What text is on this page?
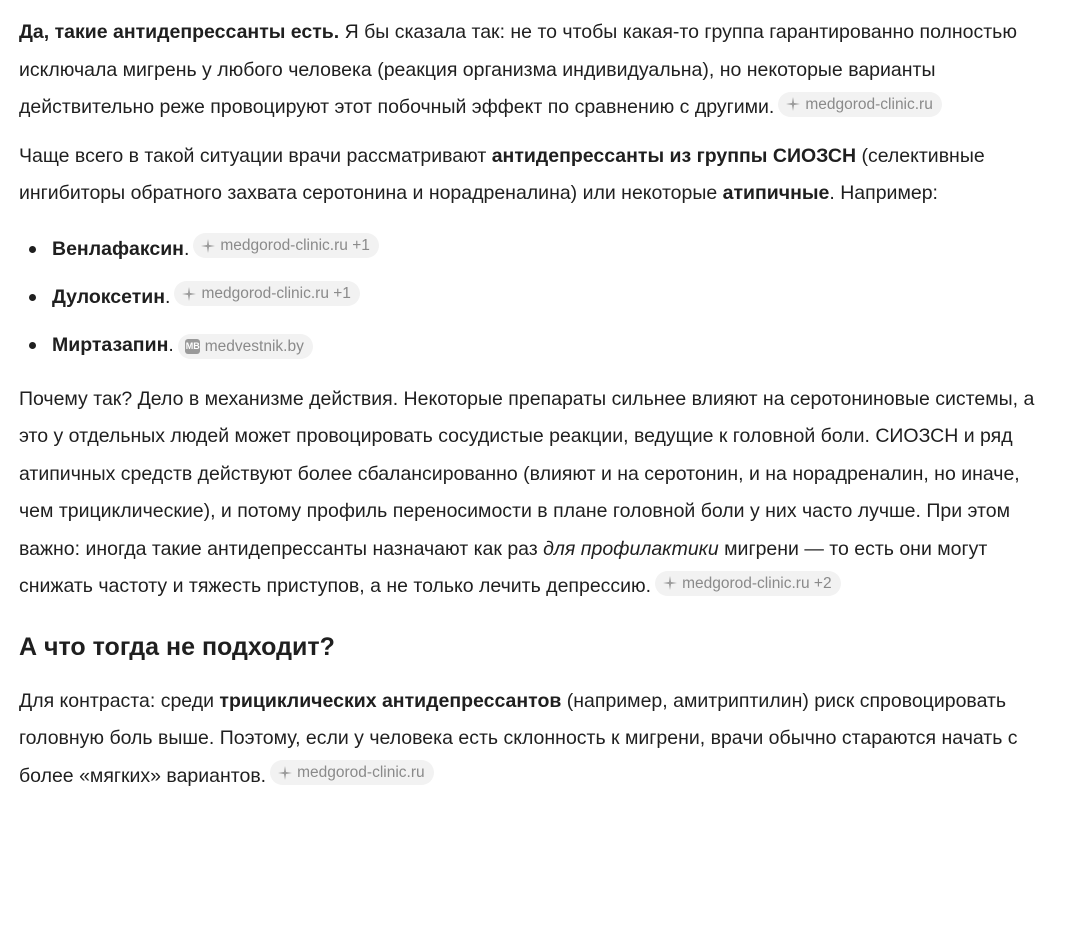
Да, такие антидепрессанты есть. Я бы сказала так: не то чтобы какая-то группа гарантированно полностью исключала мигрень у любого человека (реакция организма индивидуальна), но некоторые варианты действительно реже провоцируют этот побочный эффект по сравнению с другими. medgorod-clinic.ru

Чаще всего в такой ситуации врачи рассматривают антидепрессанты из группы СИОЗСН (селективные ингибиторы обратного захвата серотонина и норадреналина) или некоторые атипичные. Например:

Венлафаксин. medgorod-clinic.ru +1
Дулоксетин. medgorod-clinic.ru +1
Миртазапин. MB medvestnik.by

Почему так? Дело в механизме действия. Некоторые препараты сильнее влияют на серотониновые системы, а это у отдельных людей может провоцировать сосудистые реакции, ведущие к головной боли. СИОЗСН и ряд атипичных средств действуют более сбалансированно (влияют и на серотонин, и на норадреналин, но иначе, чем трициклические), и потому профиль переносимости в плане головной боли у них часто лучше. При этом важно: иногда такие антидепрессанты назначают как раз для профилактики мигрени — то есть они могут снижать частоту и тяжесть приступов, а не только лечить депрессию. medgorod-clinic.ru +2

А что тогда не подходит?

Для контраста: среди трициклических антидепрессантов (например, амитриптилин) риск спровоцировать головную боль выше. Поэтому, если у человека есть склонность к мигрени, врачи обычно стараются начать с более «мягких» вариантов. medgorod-clinic.ru
